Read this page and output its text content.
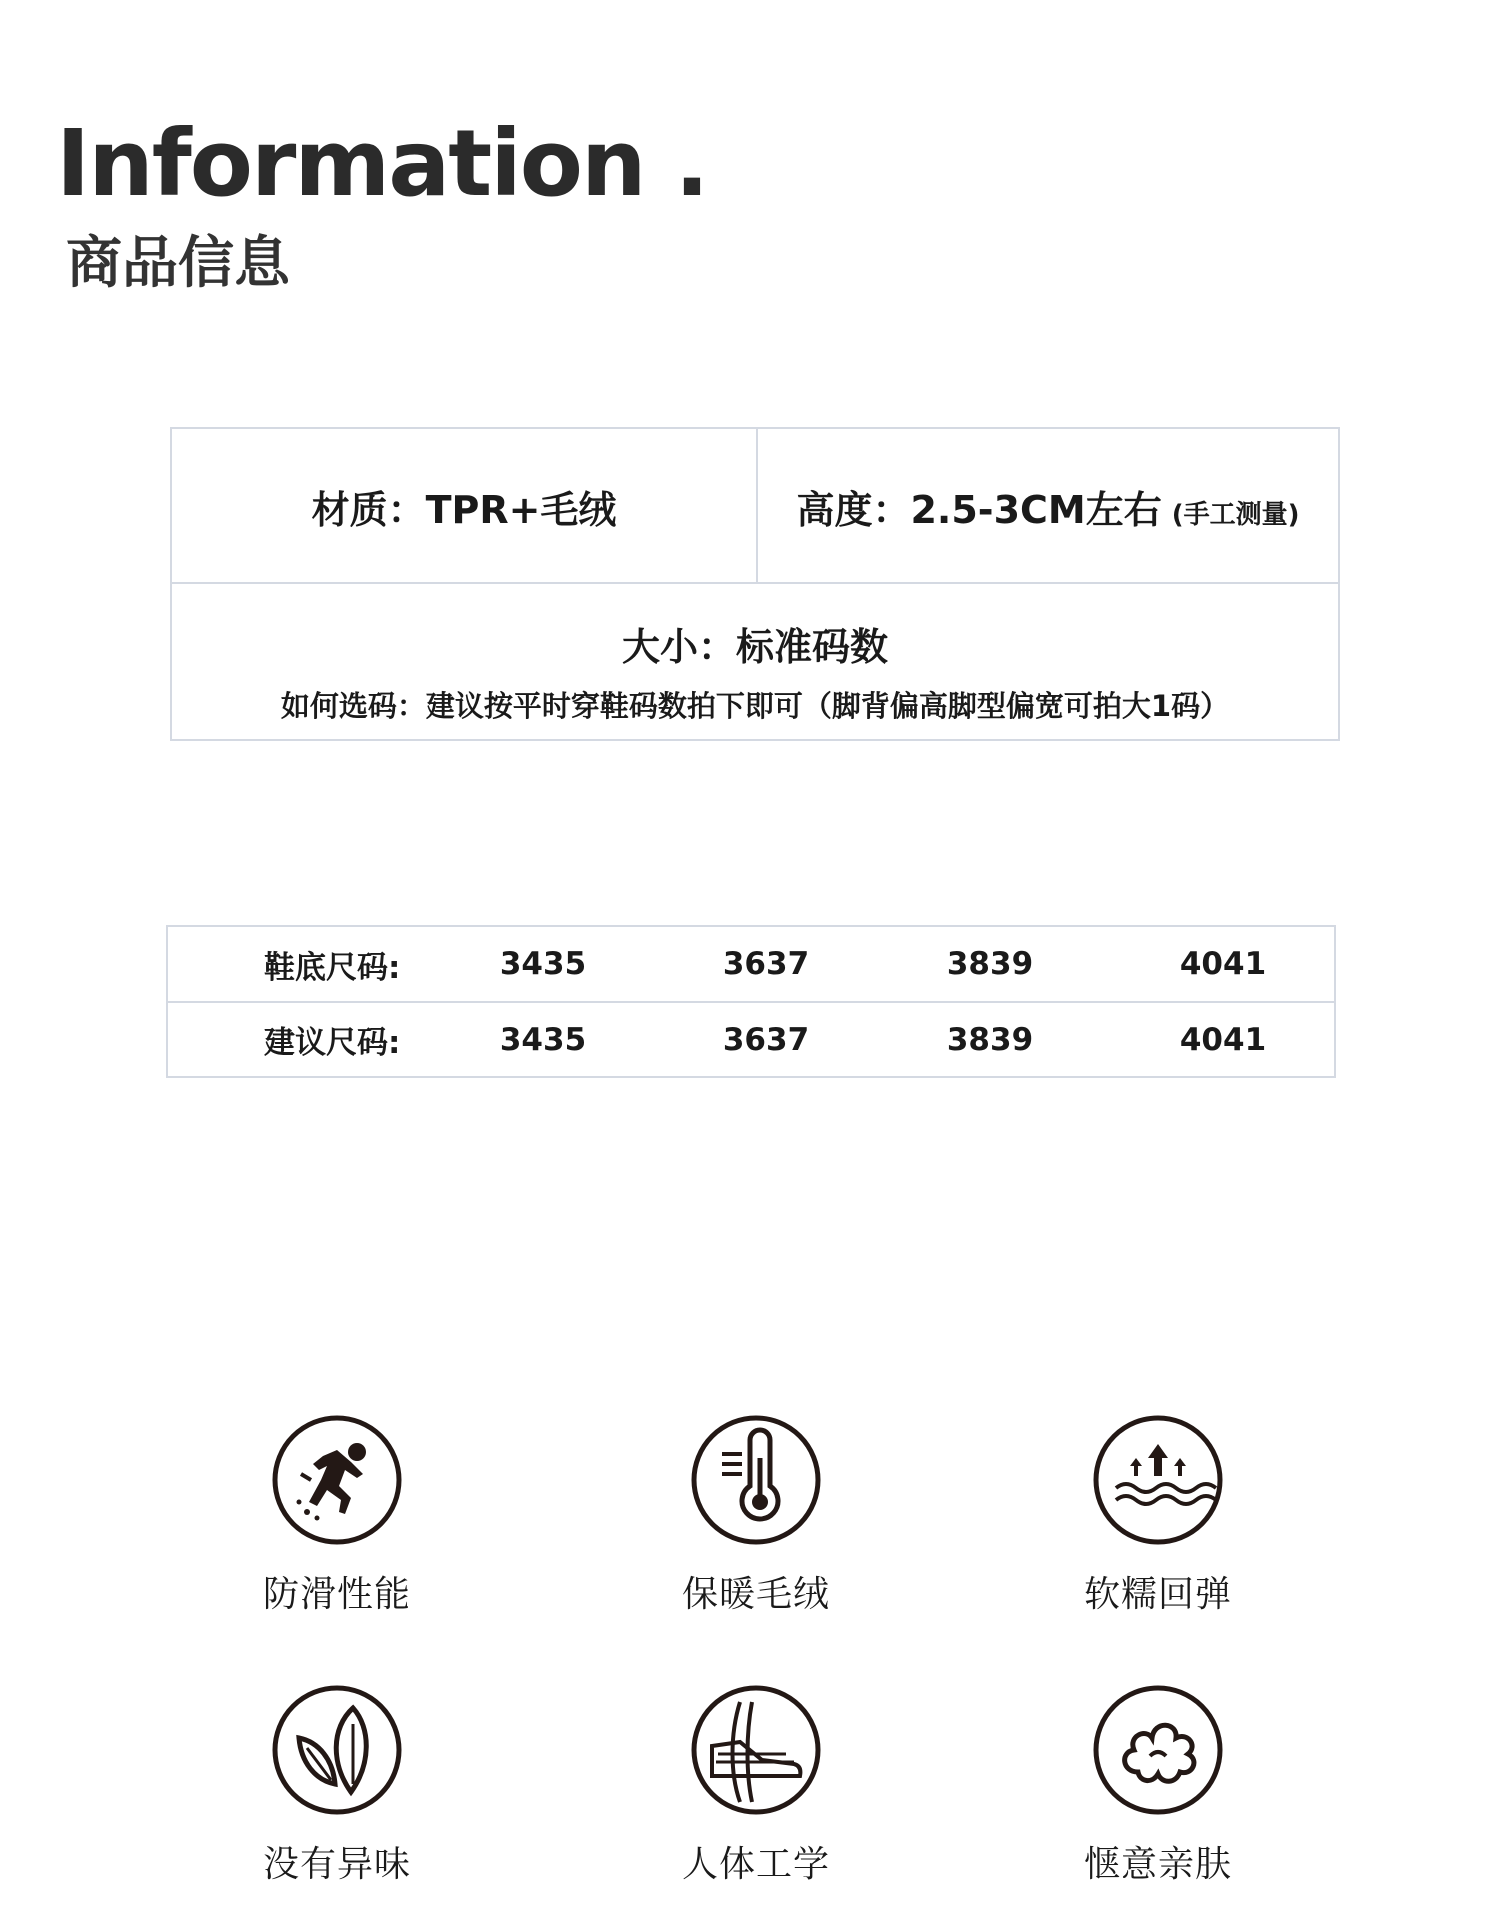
Information .
商品信息
材质：TPR+毛绒	高度：2.5-3CM左右 (手工测量)
大小：标准码数
如何选码：建议按平时穿鞋码数拍下即可（脚背偏高脚型偏宽可拍大1码）
鞋底尺码:	3435	3637	3839	4041
建议尺码:	3435	3637	3839	4041
防滑性能	保暖毛绒	软糯回弹
没有异味	人体工学	惬意亲肤
